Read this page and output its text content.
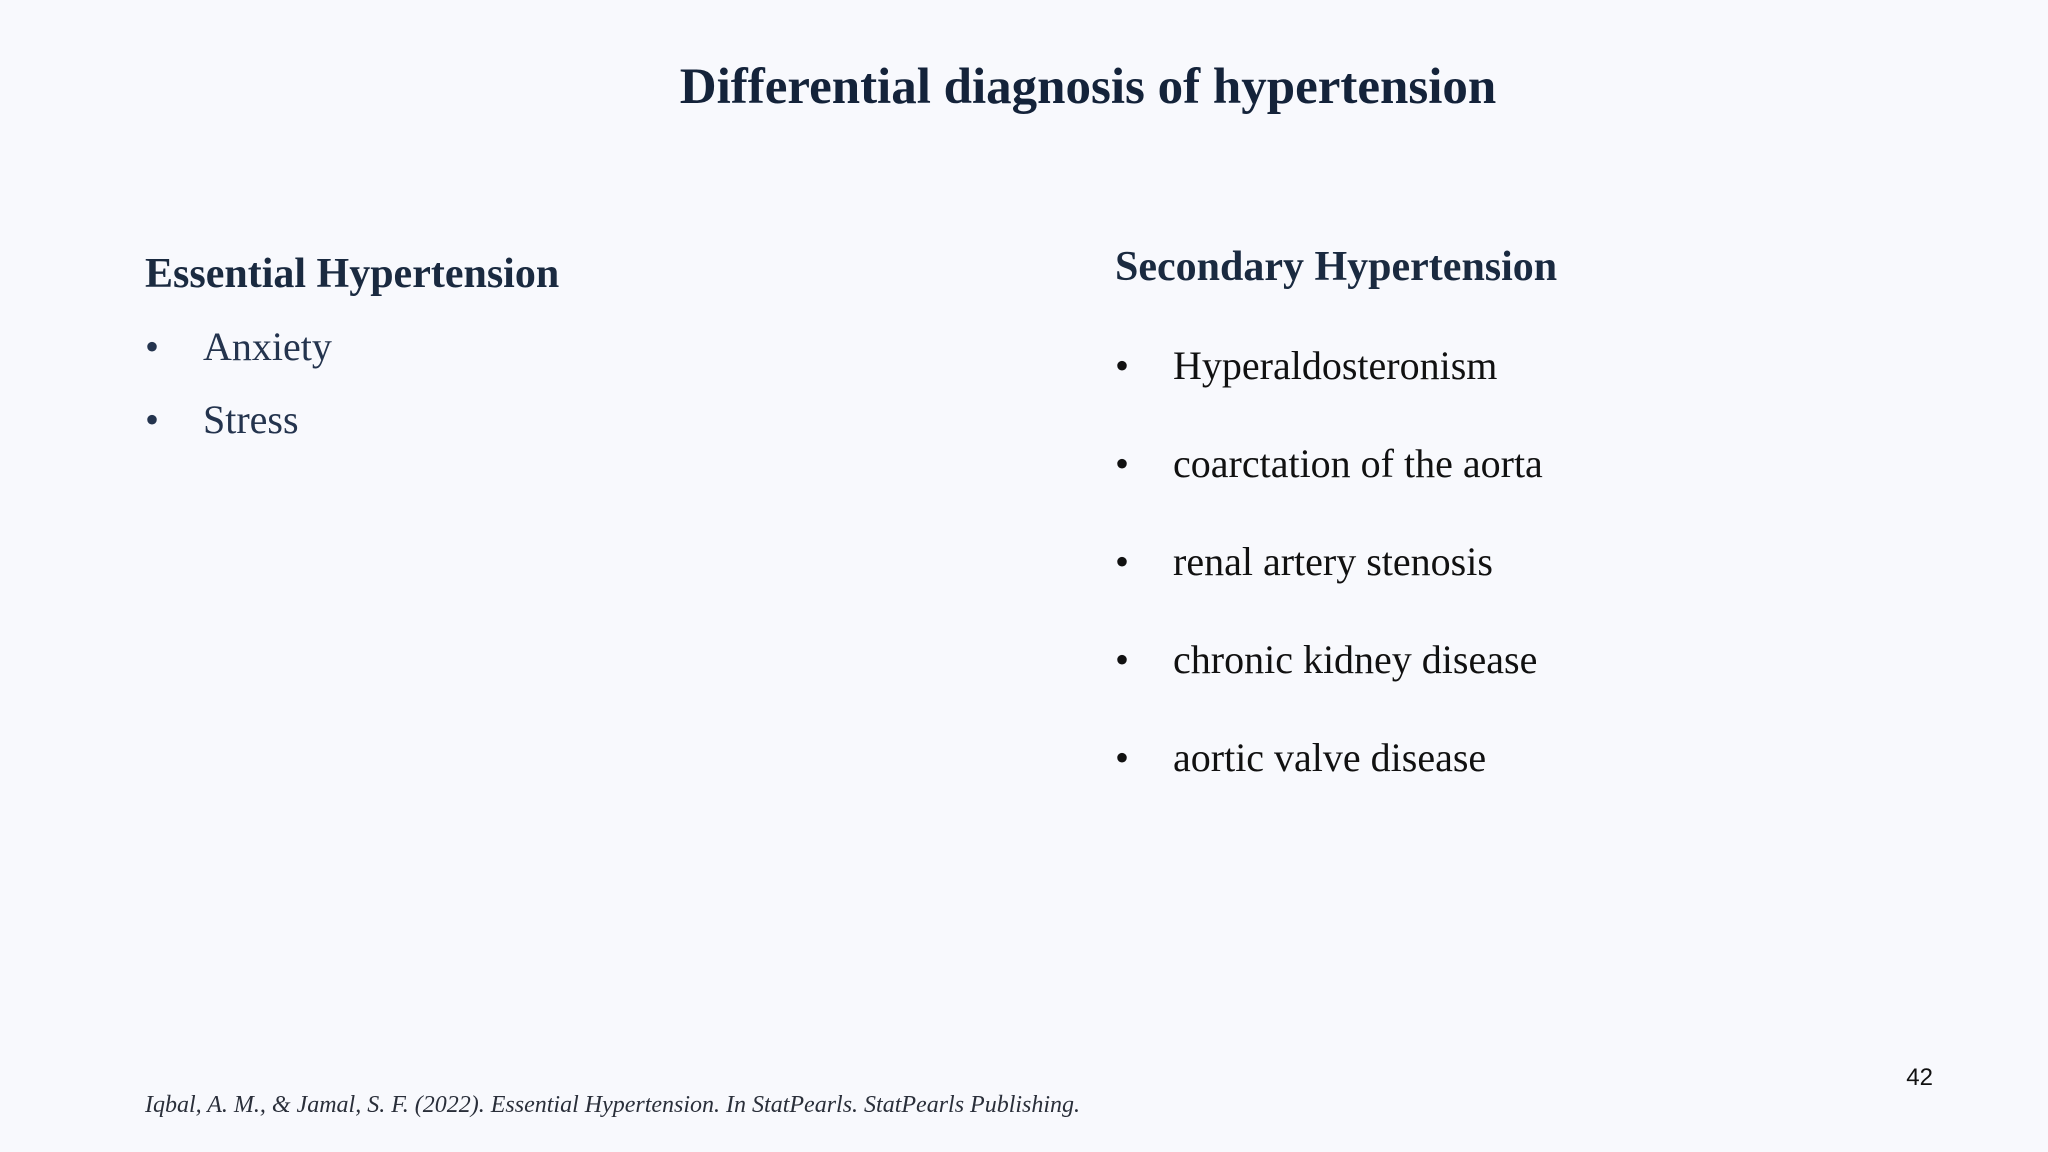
Differential diagnosis of hypertension
Essential Hypertension
• Anxiety
• Stress
Secondary Hypertension
• Hyperaldosteronism
• coarctation of the aorta
• renal artery stenosis
• chronic kidney disease
• aortic valve disease

Iqbal, A. M., & Jamal, S. F. (2022). Essential Hypertension. In StatPearls. StatPearls Publishing.

42
